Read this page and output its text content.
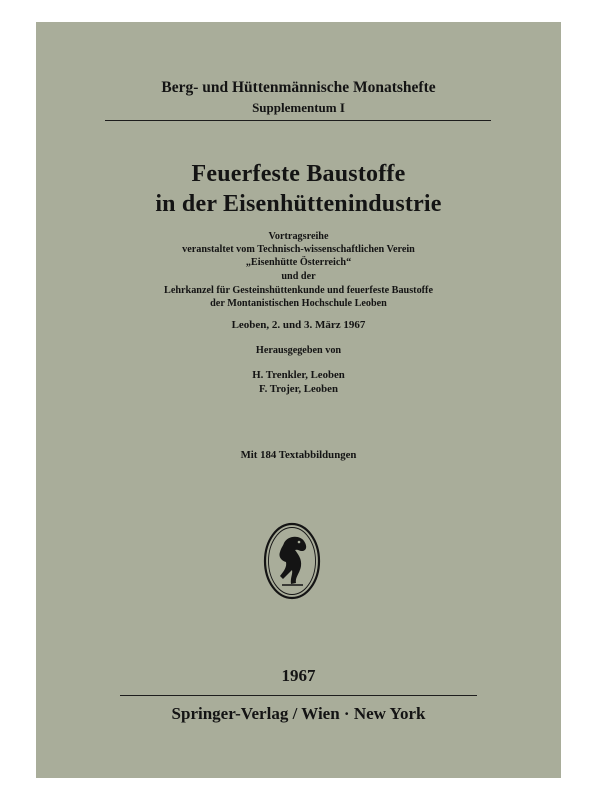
Berg- und Hüttenmännische Monatshefte
Supplementum I
Feuerfeste Baustoffe
in der Eisenhüttenindustrie
Vortragsreihe
veranstaltet vom Technisch-wissenschaftlichen Verein
„Eisenhütte Österreich“
und der
Lehrkanzel für Gesteinshüttenkunde und feuerfeste Baustoffe
der Montanistischen Hochschule Leoben
Leoben, 2. und 3. März 1967
Herausgegeben von
H. Trenkler, Leoben
F. Trojer, Leoben
Mit 184 Textabbildungen
1967
Springer-Verlag / Wien · New York
